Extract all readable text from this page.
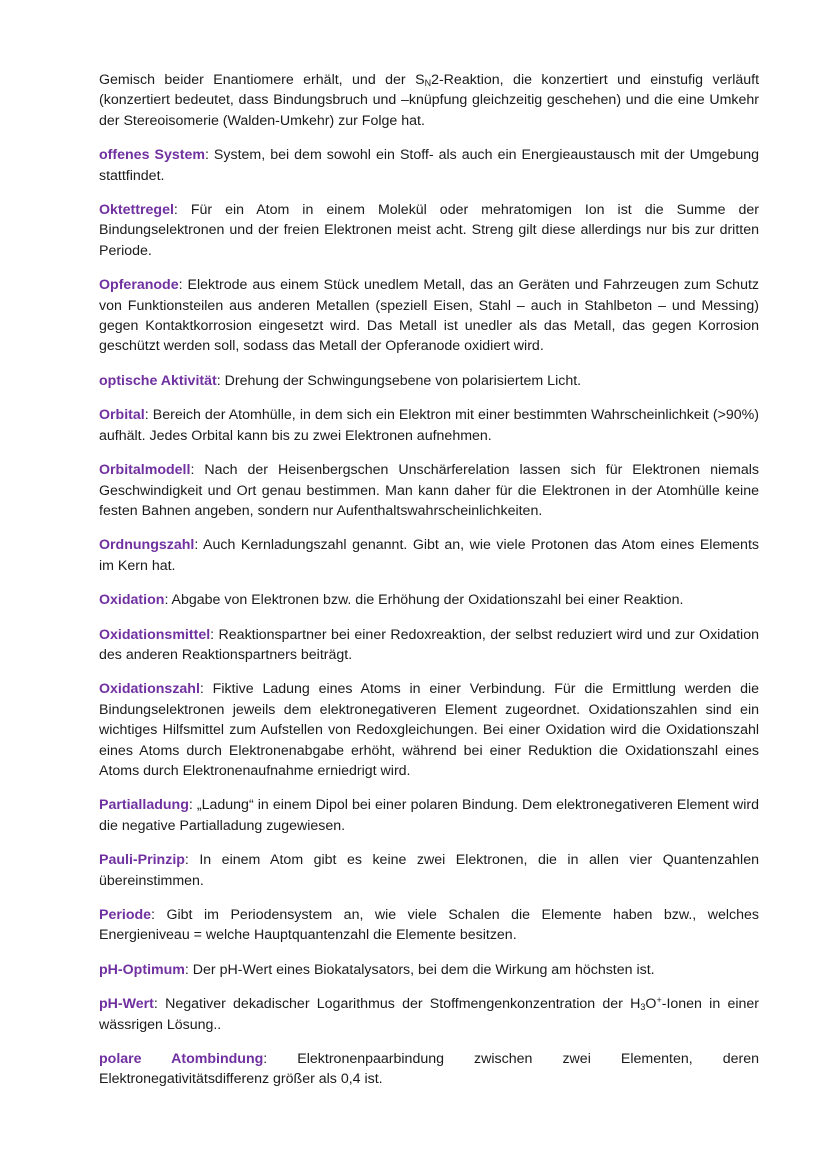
Gemisch beider Enantiomere erhält, und der $S_N2$-Reaktion, die konzertiert und einstufig verläuft (konzertiert bedeutet, dass Bindungsbruch und –knüpfung gleichzeitig geschehen) und die eine Umkehr der Stereoisomerie (Walden-Umkehr) zur Folge hat.

offenes System: System, bei dem sowohl ein Stoff- als auch ein Energieaustausch mit der Umgebung stattfindet.

Oktettregel: Für ein Atom in einem Molekül oder mehratomigen Ion ist die Summe der Bindungselektronen und der freien Elektronen meist acht. Streng gilt diese allerdings nur bis zur dritten Periode.

Opferanode: Elektrode aus einem Stück unedlem Metall, das an Geräten und Fahrzeugen zum Schutz von Funktionsteilen aus anderen Metallen (speziell Eisen, Stahl – auch in Stahlbeton – und Messing) gegen Kontaktkorrosion eingesetzt wird. Das Metall ist unedler als das Metall, das gegen Korrosion geschützt werden soll, sodass das Metall der Opferanode oxidiert wird.

optische Aktivität: Drehung der Schwingungsebene von polarisiertem Licht.

Orbital: Bereich der Atomhülle, in dem sich ein Elektron mit einer bestimmten Wahrscheinlichkeit (>90%) aufhält. Jedes Orbital kann bis zu zwei Elektronen aufnehmen.

Orbitalmodell: Nach der Heisenbergschen Unschärferelation lassen sich für Elektronen niemals Geschwindigkeit und Ort genau bestimmen. Man kann daher für die Elektronen in der Atomhülle keine festen Bahnen angeben, sondern nur Aufenthaltswahrscheinlichkeiten.

Ordnungszahl: Auch Kernladungszahl genannt. Gibt an, wie viele Protonen das Atom eines Elements im Kern hat.

Oxidation: Abgabe von Elektronen bzw. die Erhöhung der Oxidationszahl bei einer Reaktion.

Oxidationsmittel: Reaktionspartner bei einer Redoxreaktion, der selbst reduziert wird und zur Oxidation des anderen Reaktionspartners beiträgt.

Oxidationszahl: Fiktive Ladung eines Atoms in einer Verbindung. Für die Ermittlung werden die Bindungselektronen jeweils dem elektronegativeren Element zugeordnet. Oxidationszahlen sind ein wichtiges Hilfsmittel zum Aufstellen von Redoxgleichungen. Bei einer Oxidation wird die Oxidationszahl eines Atoms durch Elektronenabgabe erhöht, während bei einer Reduktion die Oxidationszahl eines Atoms durch Elektronenaufnahme erniedrigt wird.

Partialladung: „Ladung“ in einem Dipol bei einer polaren Bindung. Dem elektronegativeren Element wird die negative Partialladung zugewiesen.

Pauli-Prinzip: In einem Atom gibt es keine zwei Elektronen, die in allen vier Quantenzahlen übereinstimmen.

Periode: Gibt im Periodensystem an, wie viele Schalen die Elemente haben bzw., welches Energieniveau = welche Hauptquantenzahl die Elemente besitzen.

pH-Optimum: Der pH-Wert eines Biokatalysators, bei dem die Wirkung am höchsten ist.

pH-Wert: Negativer dekadischer Logarithmus der Stoffmengenkonzentration der $H_3O^+$-Ionen in einer wässrigen Lösung..

polare Atombindung: Elektronenpaarbindung zwischen zwei Elementen, deren Elektronegativitätsdifferenz größer als 0,4 ist.
